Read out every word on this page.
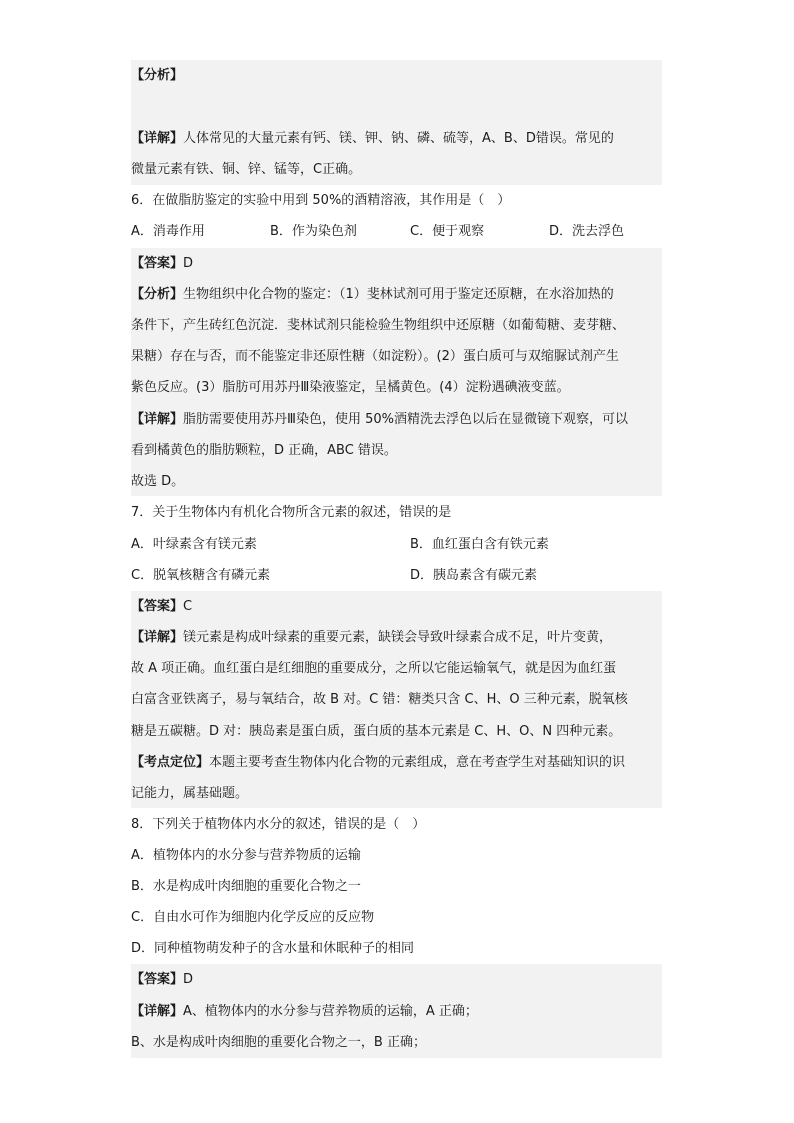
【分析】
【详解】人体常见的大量元素有钙、镁、钾、钠、磷、硫等，A、B、D错误。常见的
微量元素有铁、铜、锌、锰等，C正确。
6．在做脂肪鉴定的实验中用到 50%的酒精溶液，其作用是（　）
A．消毒作用	B．作为染色剂	C．便于观察	D．洗去浮色
【答案】D
【分析】生物组织中化合物的鉴定：（1）斐林试剂可用于鉴定还原糖，在水浴加热的
条件下，产生砖红色沉淀．斐林试剂只能检验生物组织中还原糖（如葡萄糖、麦芽糖、
果糖）存在与否，而不能鉴定非还原性糖（如淀粉）。(2）蛋白质可与双缩脲试剂产生
紫色反应。(3）脂肪可用苏丹Ⅲ染液鉴定，呈橘黄色。(4）淀粉遇碘液变蓝。
【详解】脂肪需要使用苏丹Ⅲ染色，使用 50%酒精洗去浮色以后在显微镜下观察，可以
看到橘黄色的脂肪颗粒，D 正确，ABC 错误。
故选 D。
7．关于生物体内有机化合物所含元素的叙述，错误的是
A．叶绿素含有镁元素	B．血红蛋白含有铁元素
C．脱氧核糖含有磷元素	D．胰岛素含有碳元素
【答案】C
【详解】镁元素是构成叶绿素的重要元素，缺镁会导致叶绿素合成不足，叶片变黄，
故 A 项正确。血红蛋白是红细胞的重要成分，之所以它能运输氧气，就是因为血红蛋
白富含亚铁离子，易与氧结合，故 B 对。C 错：糖类只含 C、H、O 三种元素，脱氧核
糖是五碳糖。D 对：胰岛素是蛋白质，蛋白质的基本元素是 C、H、O、N 四种元素。
【考点定位】本题主要考查生物体内化合物的元素组成，意在考查学生对基础知识的识
记能力，属基础题。
8．下列关于植物体内水分的叙述，错误的是（　）
A．植物体内的水分参与营养物质的运输
B．水是构成叶肉细胞的重要化合物之一
C．自由水可作为细胞内化学反应的反应物
D．同种植物萌发种子的含水量和休眠种子的相同
【答案】D
【详解】A、植物体内的水分参与营养物质的运输，A 正确；
B、水是构成叶肉细胞的重要化合物之一，B 正确；
